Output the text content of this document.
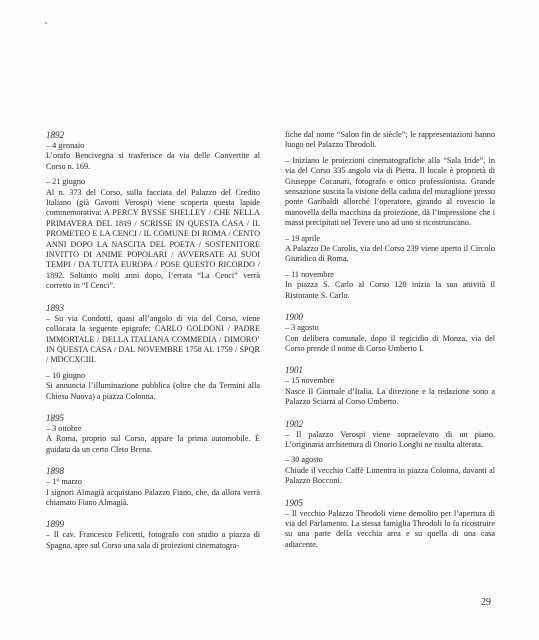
1892
– 4 gennaio
L’orafo Bencivegna si trasferisce da via delle Convertite al Corso n. 169.
– 21 giugno
Al n. 373 del Corso, sulla facciata del Palazzo del Credito Italiano (già Gavotti Verospi) viene scoperta questa lapide commemorativa: A PERCY BYSSE SHELLEY / CHE NELLA PRIMAVERA DEL 1819 / SCRISSE IN QUESTA CASA / IL PROMETEO E LA CENCI / IL COMUNE DI ROMA / CENTO ANNI DOPO LA NASCITA DEL POETA / SOSTENITORE INVITTO DI ANIME POPOLARI / AVVERSATE AI SUOI TEMPI / DA TUTTA EUROPA / POSE QUESTO RICORDO / 1892. Soltanto molti anni dopo, l’errata “La Cenci” verrà corretto in “I Cenci”.
1893
– Su via Condotti, quasi all’angolo di via del Corso, viene collocata la seguente epigrafe: CARLO GOLDONI / PADRE IMMORTALE / DELLA ITALIANA COMMEDIA / DIMORO’ IN QUESTA CASA / DAL NOVEMBRE 1758 AL 1759 / SPQR / MDCCXCIII.
– 10 giugno
Si annuncia l’illuminazione pubblica (oltre che da Termini alla Chiesa Nuova) a piazza Colonna.
1895
– 3 ottobre
A Roma, proprio sul Corso, appare la prima automobile. È guidata da un certo Cleto Brena.
1898
– 1° marzo
I signori Almagià acquistano Palazzo Fiano, che, da allora verrà chiamato Fiano Almagià.
1899
– Il cav. Francesco Felicetti, fotografo con studio a piazza di Spagna, apre sul Corso una sala di proiezioni cinematogra-
fiche dal nome “Salon fin de siècle”; le rappresentazioni hanno luogo nel Palazzo Theodoli.
– Iniziano le proiezioni cinematografiche alla “Sala Iride”, in via del Corso 335 angolo via di Pietra. Il locale è proprietà di Giuseppe Cocanari, fotografo e ottico professionista. Grande sensazione suscita la visione della caduta del muraglione presso ponte Garibaldi allorché l’operatore, girando al rovescio la manovella della macchina da proiezione, dà l’impressione che i massi precipitati nel Tevere uno ad uno si ricostruiscano.
– 19 aprile
A Palazzo De Carolis, via del Corso 239 viene aperto il Circolo Giuridico di Roma.
– 11 novembre
In piazza S. Carlo al Corso 120 inizia la sua attività il Ristorante S. Carlo.
1900
– 3 agosto
Con delibera comunale, dopo il regicidio di Monza, via del Corso prende il nome di Corso Umberto I.
1901
– 15 novembre
Nasce Il Giornale d’Italia. La direzione e la redazione sono a Palazzo Sciarra al Corso Umberto.
1902
– Il palazzo Verospi viene sopraelevato di un piano. L’originaria architettura di Onorio Longhi ne risulta alterata.
– 30 agosto
Chiude il vecchio Caffè Limentra in piazza Colonna, davanti al Palazzo Bocconi.
1905
– Il vecchio Palazzo Theodoli viene demolito per l’apertura di via del Parlamento. La stessa famiglia Theodoli lo fa ricostruire su una parte della vecchia area e su quella di una casa adiacente.
29
